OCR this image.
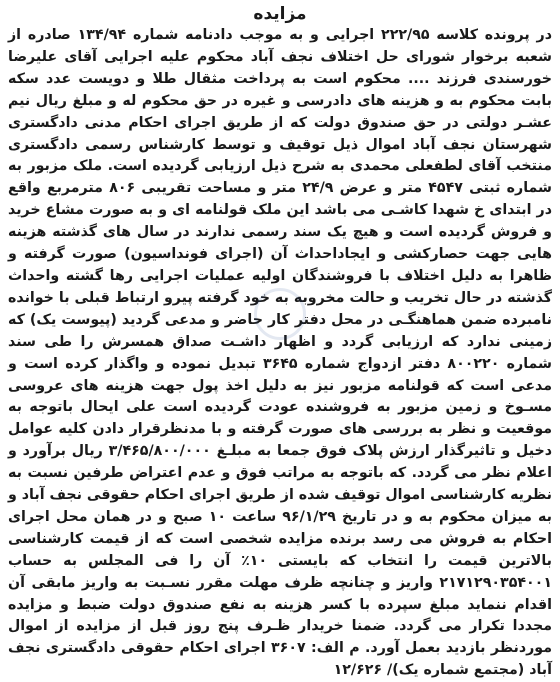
مزایده

در پرونده کلاسه ۲۲۲/۹۵ اجرایی و به موجب دادنامه شماره ۱۳۴/۹۴ صادره از شعبه برخوار شورای حل اختلاف نجف آباد محکوم علیه اجرایی آقای علیرضا خورسندی فرزند .... محکوم است به پرداخت مثقال طلا و دویست عدد سکه بابت محکوم به و هزینه های دادرسی و غیره در حق محکوم له و مبلغ ریال نیم عشـر دولتی در حق صندوق دولت که از طریق اجرای احکام مدنی دادگستری شهرستان نجف آباد اموال ذیل توقیف و توسط کارشناس رسمی دادگستری منتخب آقای لطفعلی محمدی به شرح ذیل ارزیابی گردیده است. ملک مزبور به شماره ثبتی ۴۵۴۷ متر و عرض ۲۴/۹ متر و مساحت تقریبی ۸۰۶ مترمربع واقع در ابتدای خ شهدا کاشـی می باشد این ملک قولنامه ای و به صورت مشاع خرید و فروش گردیده است و هیچ یک سند رسمی ندارند در سال های گذشته هزینه هایی جهت حصارکشی و ایجاداحداث آن (اجرای فونداسیون) صورت گرفته و ظاهرا به دلیل اختلاف با فروشندگان اولیه عملیات اجرایی رها گشته واحداث گذشته در حال تخریب و حالت مخروبه به خود گرفته پیرو ارتباط قبلی با خوانده نامبرده ضمن هماهنگـی در محل دفتر کار حاضر و مدعی گردید (پیوست یک) که زمینی ندارد که ارزیابی گردد و اظهار داشـت صداق همسرش را طی سند شماره ۸۰۰۲۲۰ دفتر ازدواج شماره ۳۶۴۵ تبدیل نموده و واگذار کرده است و مدعی است که قولنامه مزبور نیز به دلیل اخذ پول جهت هزینه های عروسی مسـوخ و زمین مزبور به فروشنده عودت گردیده است علی ایحال باتوجه به موقعیت و نظر به بررسی های صورت گرفته و با مدنظرقرار دادن کلیه عوامل دخیل و تاثیرگذار ارزش پلاک فوق جمعا به مبلـغ ۳/۴۶۵/۸۰۰/۰۰۰ ریال برآورد و اعلام نظر می گردد. که باتوجه به مراتب فوق و عدم اعتراض طرفین نسبت به نظریه کارشناسی اموال توقیف شده از طریق اجرای احکام حقوقی نجف آباد و به میزان محکوم به و در تاریخ ۹۶/۱/۲۹ ساعت ۱۰ صبح و در همان محل اجرای احکام به فروش می رسد برنده مزایده شخصی است که از قیمت کارشناسی بالاترین قیمت را انتخاب که بایستی ۱۰٪ آن را فی المجلس به حساب ۲۱۷۱۲۹۰۳۵۴۰۰۱ واریز و چنانچه ظرف مهلت مقرر نسـبت به واریز مابقی آن اقدام ننماید مبلغ سپرده با کسر هزینه به نفع صندوق دولت ضبط و مزایده مجددا تکرار می گردد. ضمنا خریدار ظـرف پنج روز قبل از مزایده از اموال موردنظر بازدید بعمل آورد. م الف: ۳۶۰۷ اجرای احکام حقوقی دادگستری نجف آباد (مجتمع شماره یک)/ ۱۲/۶۲۶
